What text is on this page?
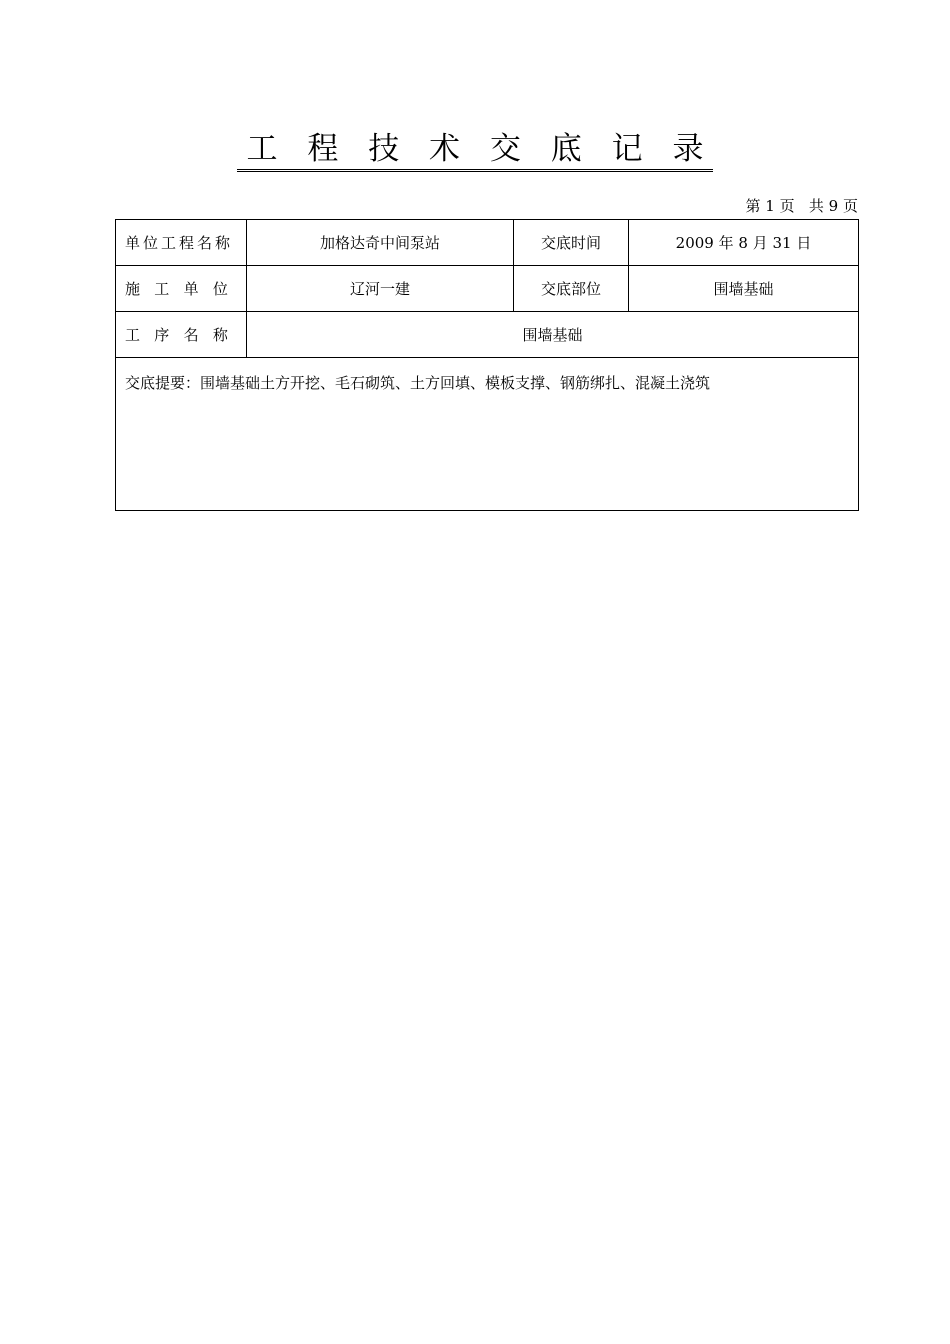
工 程 技 术 交 底 记 录
第 1 页   共 9 页
单位工程名称	加格达奇中间泵站	交底时间	2009 年 8 月 31 日
施   工   单   位	辽河一建	交底部位	围墙基础
工   序   名   称	围墙基础		
交底提要：围墙基础土方开挖、毛石砌筑、土方回填、模板支撑、钢筋绑扎、混凝土浇筑			
